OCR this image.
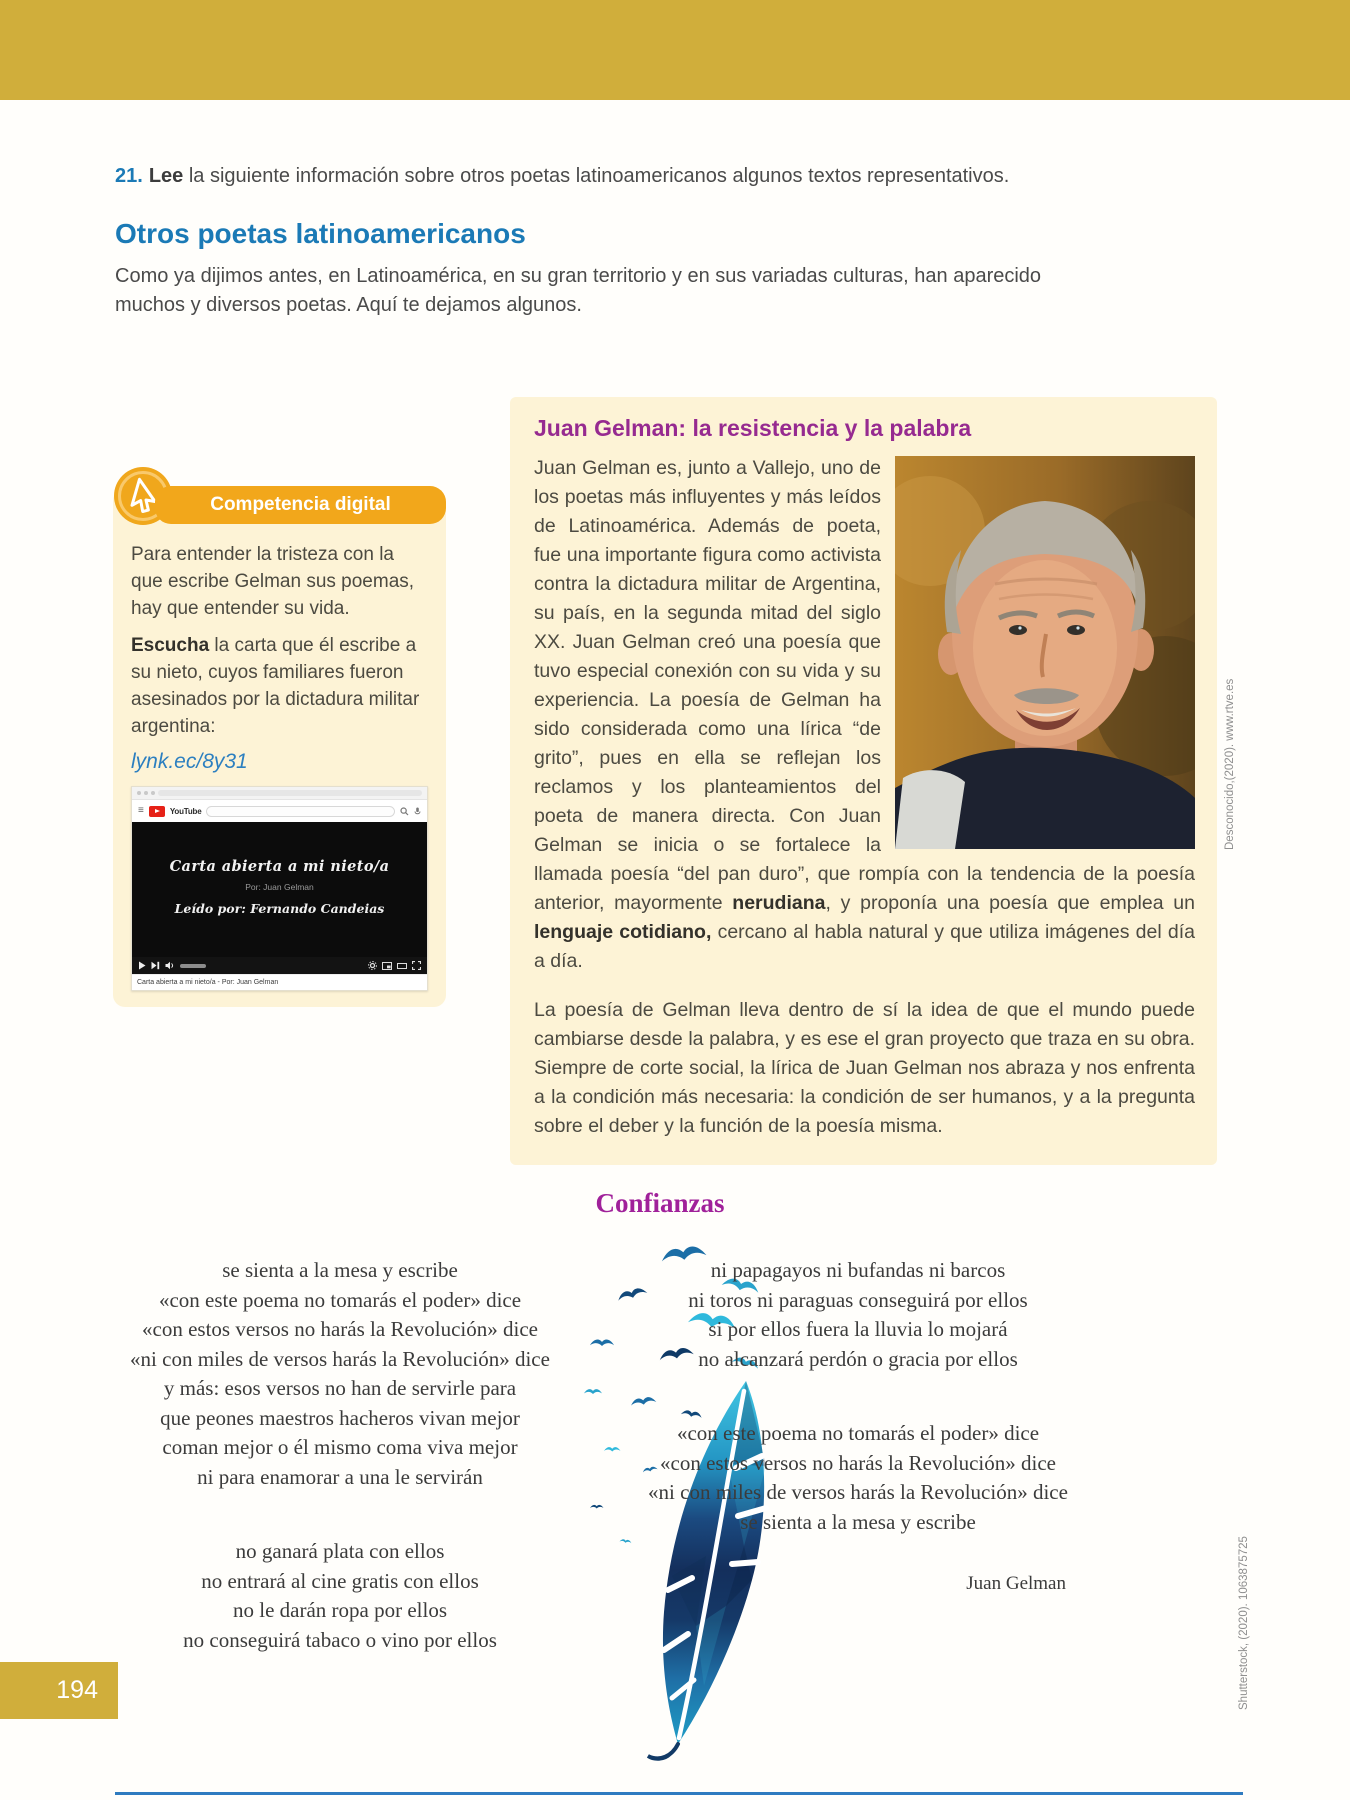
21. Lee la siguiente información sobre otros poetas latinoamericanos algunos textos representativos.
Otros poetas latinoamericanos

Como ya dijimos antes, en Latinoamérica, en su gran territorio y en sus variadas culturas, han aparecido muchos y diversos poetas. Aquí te dejamos algunos.

Juan Gelman: la resistencia y la palabra

Juan Gelman es, junto a Vallejo, uno de los poetas más influyentes y más leídos de Latinoamérica. Además de poeta, fue una importante figura como activista contra la dictadura militar de Argentina, su país, en la segunda mitad del siglo XX. Juan Gelman creó una poesía que tuvo especial conexión con su vida y su experiencia. La poesía de Gelman ha sido considerada como una lírica “de grito”, pues en ella se reflejan los reclamos y los planteamientos del poeta de manera directa. Con Juan Gelman se inicia o se fortalece la llamada poesía “del pan duro”, que rompía con la tendencia de la poesía anterior, mayormente nerudiana, y proponía una poesía que emplea un lenguaje cotidiano, cercano al habla natural y que utiliza imágenes del día a día.

La poesía de Gelman lleva dentro de sí la idea de que el mundo puede cambiarse desde la palabra, y es ese el gran proyecto que traza en su obra. Siempre de corte social, la lírica de Juan Gelman nos abraza y nos enfrenta a la condición más necesaria: la condición de ser humanos, y a la pregunta sobre el deber y la función de la poesía misma.

Desconocido,(2020). www.rtve.es
Competencia digital

Para entender la tristeza con la que escribe Gelman sus poemas, hay que entender su vida.

Escucha la carta que él escribe a su nieto, cuyos familiares fueron asesinados por la dictadura militar argentina:

lynk.ec/8y31
≡	YouTube
Carta abierta a mi nieto/a
Por: Juan Gelman
Leído por: Fernando Candeias
Carta abierta a mi nieto/a - Por: Juan Gelman
Confianzas
se sienta a la mesa y escribe
«con este poema no tomarás el poder» dice
«con estos versos no harás la Revolución» dice
«ni con miles de versos harás la Revolución» dice
y más: esos versos no han de servirle para
que peones maestros hacheros vivan mejor
coman mejor o él mismo coma viva mejor
ni para enamorar a una le servirán
no ganará plata con ellos
no entrará al cine gratis con ellos
no le darán ropa por ellos
no conseguirá tabaco o vino por ellos
ni papagayos ni bufandas ni barcos
ni toros ni paraguas conseguirá por ellos
si por ellos fuera la lluvia lo mojará
no alcanzará perdón o gracia por ellos
«con este poema no tomarás el poder» dice
«con estos versos no harás la Revolución» dice
«ni con miles de versos harás la Revolución» dice
se sienta a la mesa y escribe
Juan Gelman	Shutterstock, (2020). 1063875725
194
